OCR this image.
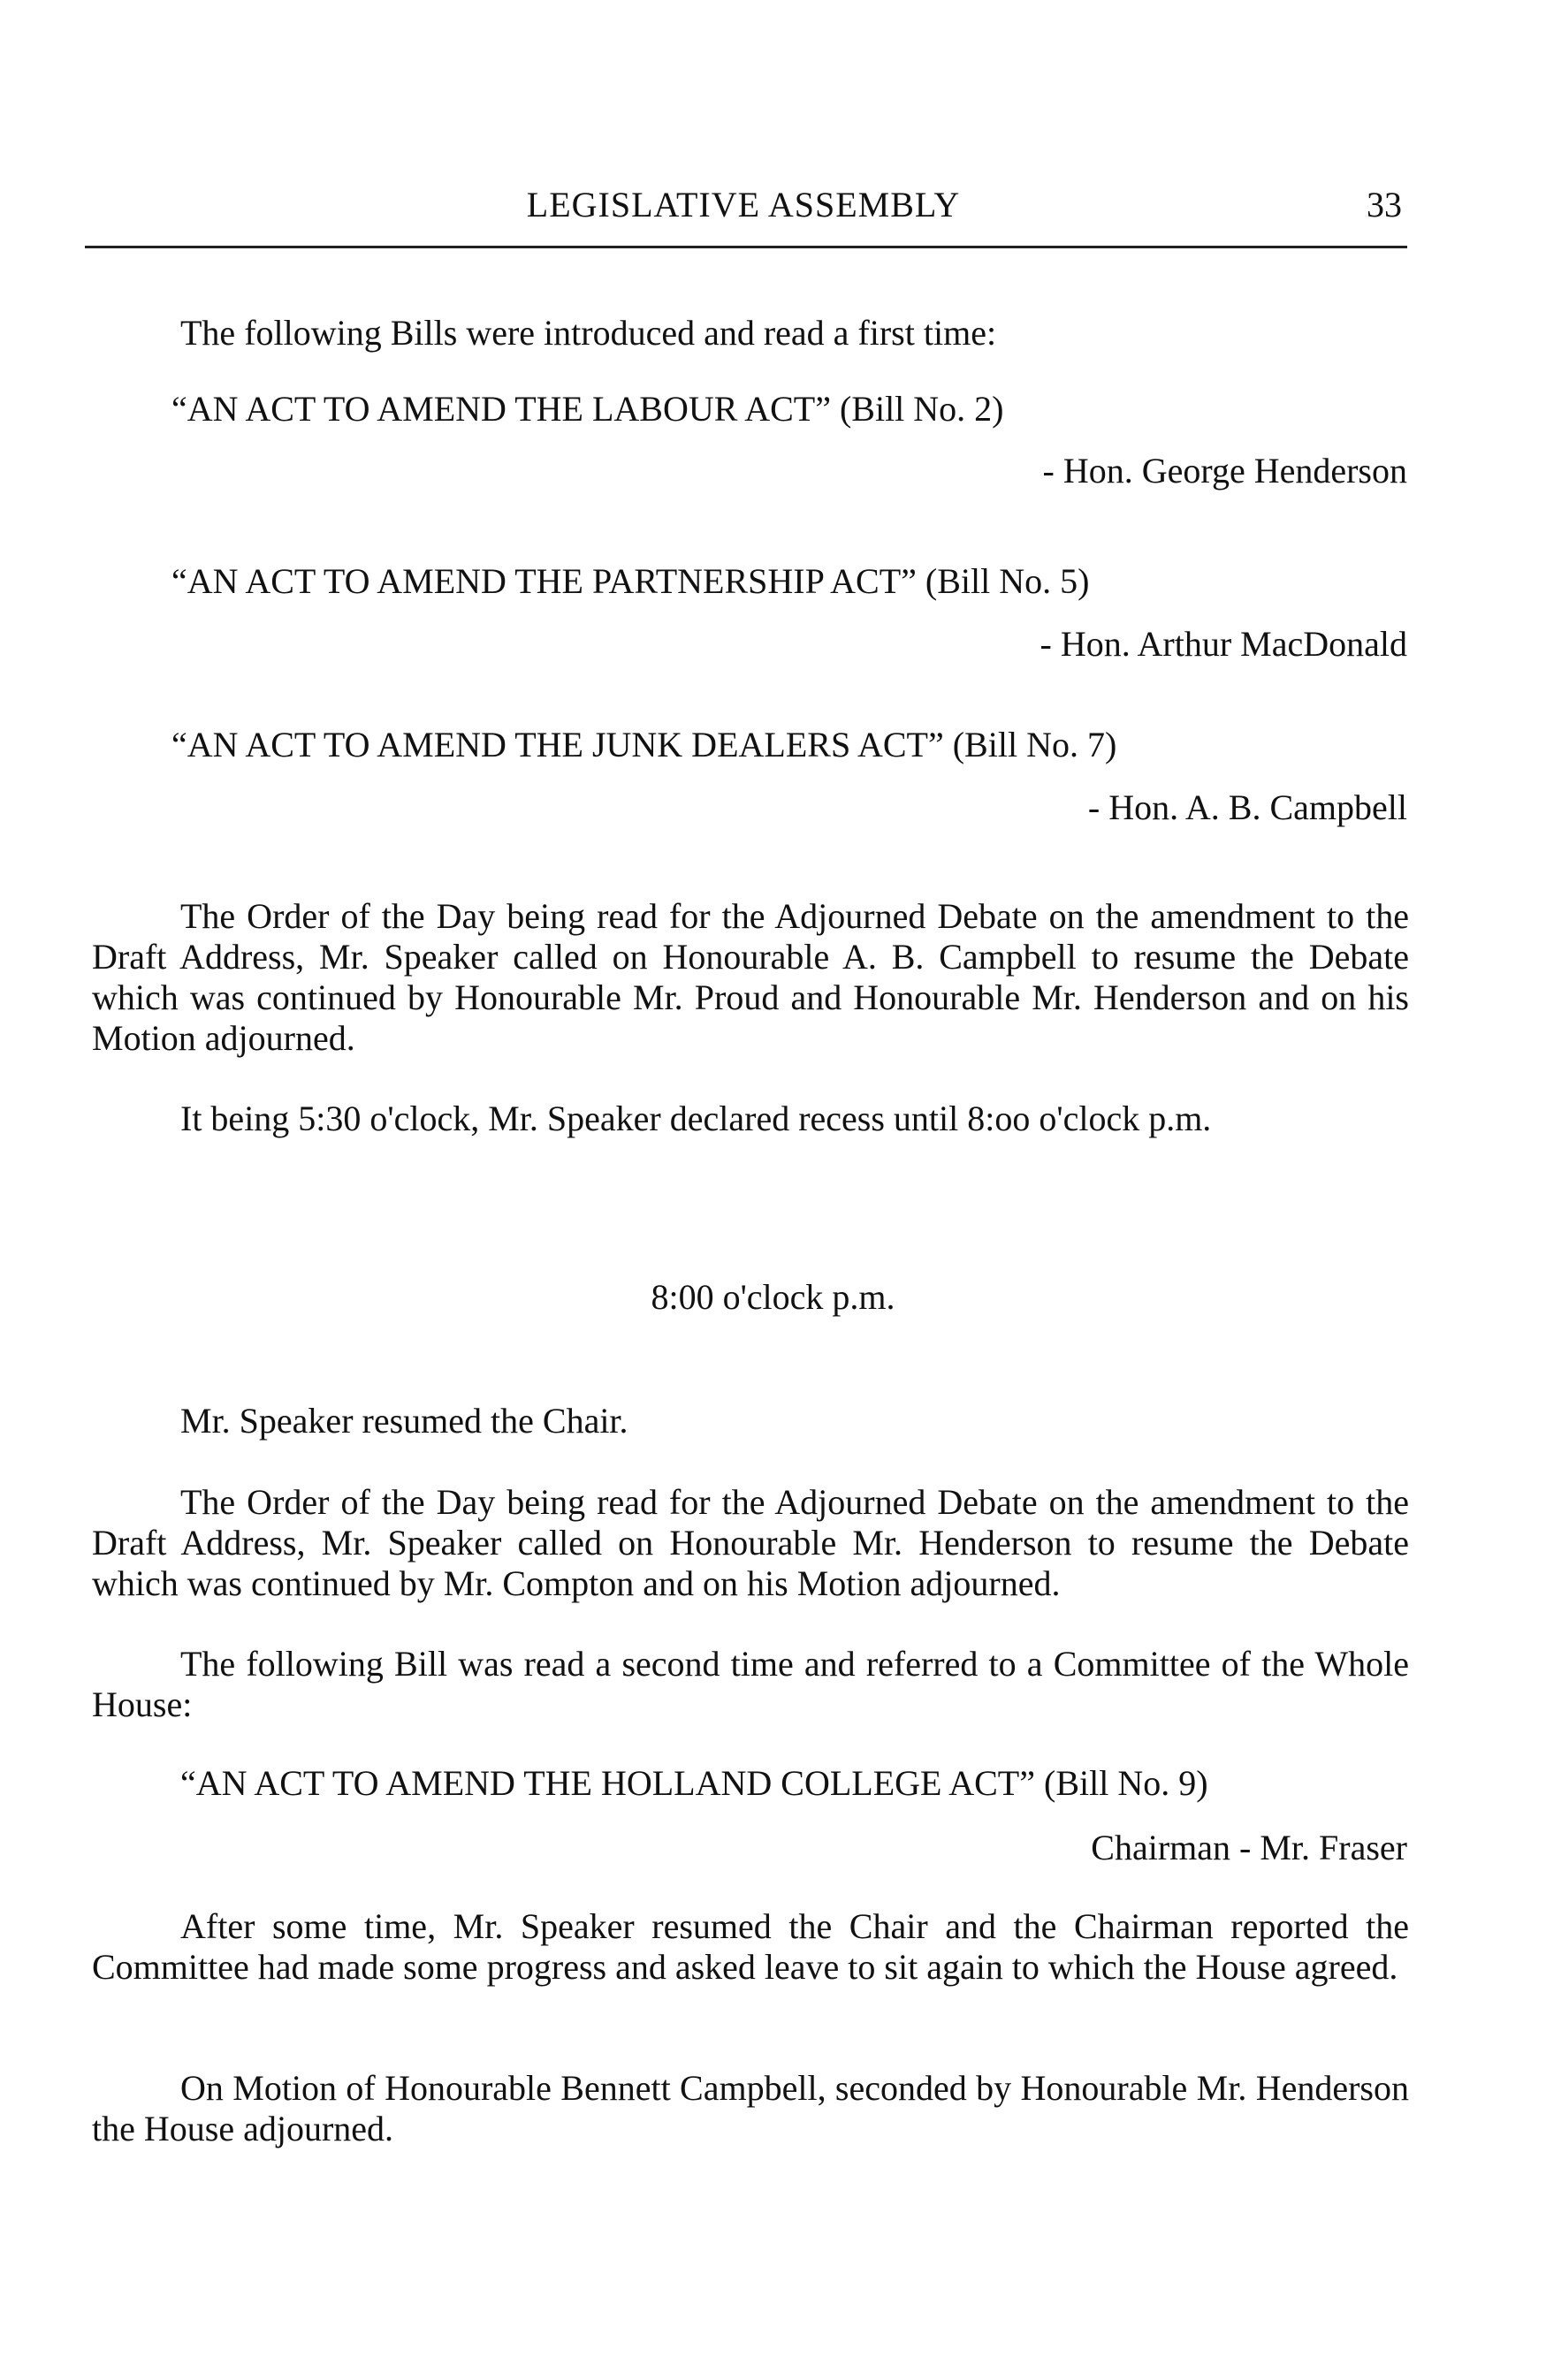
LEGISLATIVE ASSEMBLY	33
The following Bills were introduced and read a first time:
“AN ACT TO AMEND THE LABOUR ACT” (Bill No. 2)
- Hon. George Henderson
“AN ACT TO AMEND THE PARTNERSHIP ACT” (Bill No. 5)
- Hon. Arthur MacDonald
“AN ACT TO AMEND THE JUNK DEALERS ACT” (Bill No. 7)
- Hon. A. B. Campbell
The Order of the Day being read for the Adjourned Debate on the amendment to the Draft Address, Mr. Speaker called on Honourable A. B. Campbell to resume the Debate which was continued by Honourable Mr. Proud and Honourable Mr. Henderson and on his Motion adjourned.
It being 5:30 o'clock, Mr. Speaker declared recess until 8:oo o'clock p.m.
8:00 o'clock p.m.
Mr. Speaker resumed the Chair.
The Order of the Day being read for the Adjourned Debate on the amendment to the Draft Address, Mr. Speaker called on Honourable Mr. Henderson to resume the Debate which was continued by Mr. Compton and on his Motion adjourned.
The following Bill was read a second time and referred to a Committee of the Whole House:
“AN ACT TO AMEND THE HOLLAND COLLEGE ACT” (Bill No. 9)
Chairman - Mr. Fraser
After some time, Mr. Speaker resumed the Chair and the Chairman reported the Committee had made some progress and asked leave to sit again to which the House agreed.
On Motion of Honourable Bennett Campbell, seconded by Honourable Mr. Henderson the House adjourned.
